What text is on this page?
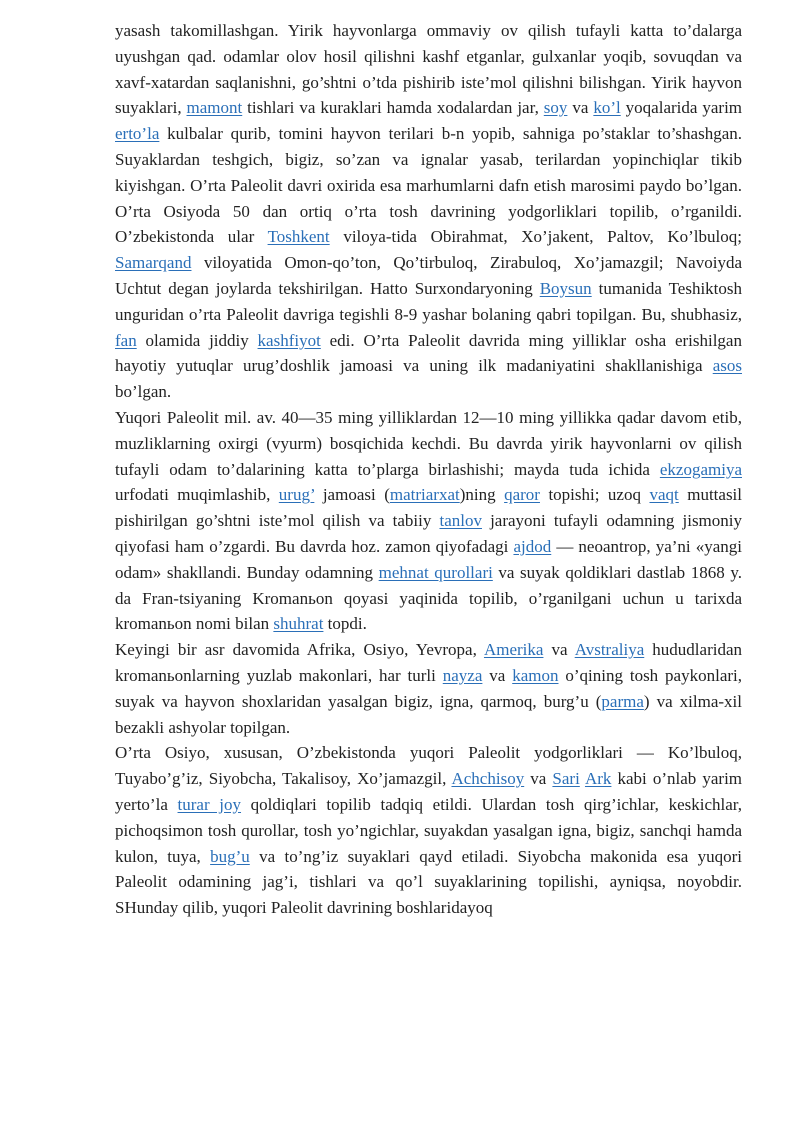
yasash takomillashgan. Yirik hayvonlarga ommaviy ov qilish tufayli katta to’dalarga uyushgan qad. odamlar olov hosil qilishni kashf etganlar, gulxanlar yoqib, sovuqdan va xavf-xatardan saqlanishni, go’shtni o’tda pishirib iste’mol qilishni bilishgan. Yirik hayvon suyaklari, mamont tishlari va kuraklari hamda xodalardan jar, soy va ko’l yoqalarida yarim erto’la kulbalar qurib, tomini hayvon terilari b-n yopib, sahniga po’staklar to’shashgan. Suyaklardan teshgich, bigiz, so’zan va ignalar yasab, terilardan yopinchiqlar tikib kiyishgan. O’rta Paleolit davri oxirida esa marhumlarni dafn etish marosimi paydo bo’lgan. O’rta Osiyoda 50 dan ortiq o’rta tosh davrining yodgorliklari topilib, o’rganildi. O’zbekistonda ular Toshkent viloya-tida Obirahmat, Xo’jakent, Paltov, Ko’lbuloq; Samarqand viloyatida Omon-qo’ton, Qo’tirbuloq, Zirabuloq, Xo’jamazgil; Navoiyda Uchtut degan joylarda tekshirilgan. Hatto Surxondaryoning Boysun tumanida Teshiktosh unguridan o’rta Paleolit davriga tegishli 8-9 yashar bolaning qabri topilgan. Bu, shubhasiz, fan olamida jiddiy kashfiyot edi. O’rta Paleolit davrida ming yilliklar osha erishilgan hayotiy yutuqlar urug’doshlik jamoasi va uning ilk madaniyatini shakllanishiga asos bo’lgan.

Yuqori Paleolit mil. av. 40—35 ming yilliklardan 12—10 ming yillikka qadar davom etib, muzliklarning oxirgi (vyurm) bosqichida kechdi. Bu davrda yirik hayvonlarni ov qilish tufayli odam to’dalarining katta to’plarga birlashishi; mayda tuda ichida ekzogamiya urfodati muqimlashib, urug’ jamoasi (matriarxat)ning qaror topishi; uzoq vaqt muttasil pishirilgan go’shtni iste’mol qilish va tabiiy tanlov jarayoni tufayli odamning jismoniy qiyofasi ham o’zgardi. Bu davrda hoz. zamon qiyofadagi ajdod — neoantrop, ya’ni «yangi odam» shakllandi. Bunday odamning mehnat qurollari va suyak qoldiklari dastlab 1868 y. da Fran-tsiyaning Kromanьon qoyasi yaqinida topilib, o’rganilgani uchun u tarixda kromanьon nomi bilan shuhrat topdi.

Keyingi bir asr davomida Afrika, Osiyo, Yevropa, Amerika va Avstraliya hududlaridan kromanьonlarning yuzlab makonlari, har turli nayza va kamon o’qining tosh paykonlari, suyak va hayvon shoxlaridan yasalgan bigiz, igna, qarmoq, burg’u (parma) va xilma-xil bezakli ashyolar topilgan.

O’rta Osiyo, xususan, O’zbekistonda yuqori Paleolit yodgorliklari — Ko’lbuloq, Tuyabo’g’iz, Siyobcha, Takalisoy, Xo’jamazgil, Achchisoy va Sari Ark kabi o’nlab yarim yerto’la turar joy qoldiqlari topilib tadqiq etildi. Ulardan tosh qirg’ichlar, keskichlar, pichoqsimon tosh qurollar, tosh yo’ngichlar, suyakdan yasalgan igna, bigiz, sanchqi hamda kulon, tuya, bug’u va to’ng’iz suyaklari qayd etiladi. Siyobcha makonida esa yuqori Paleolit odamining jag’i, tishlari va qo’l suyaklarining topilishi, ayniqsa, noyobdir. SHunday qilib, yuqori Paleolit davrining boshlaridayoq
